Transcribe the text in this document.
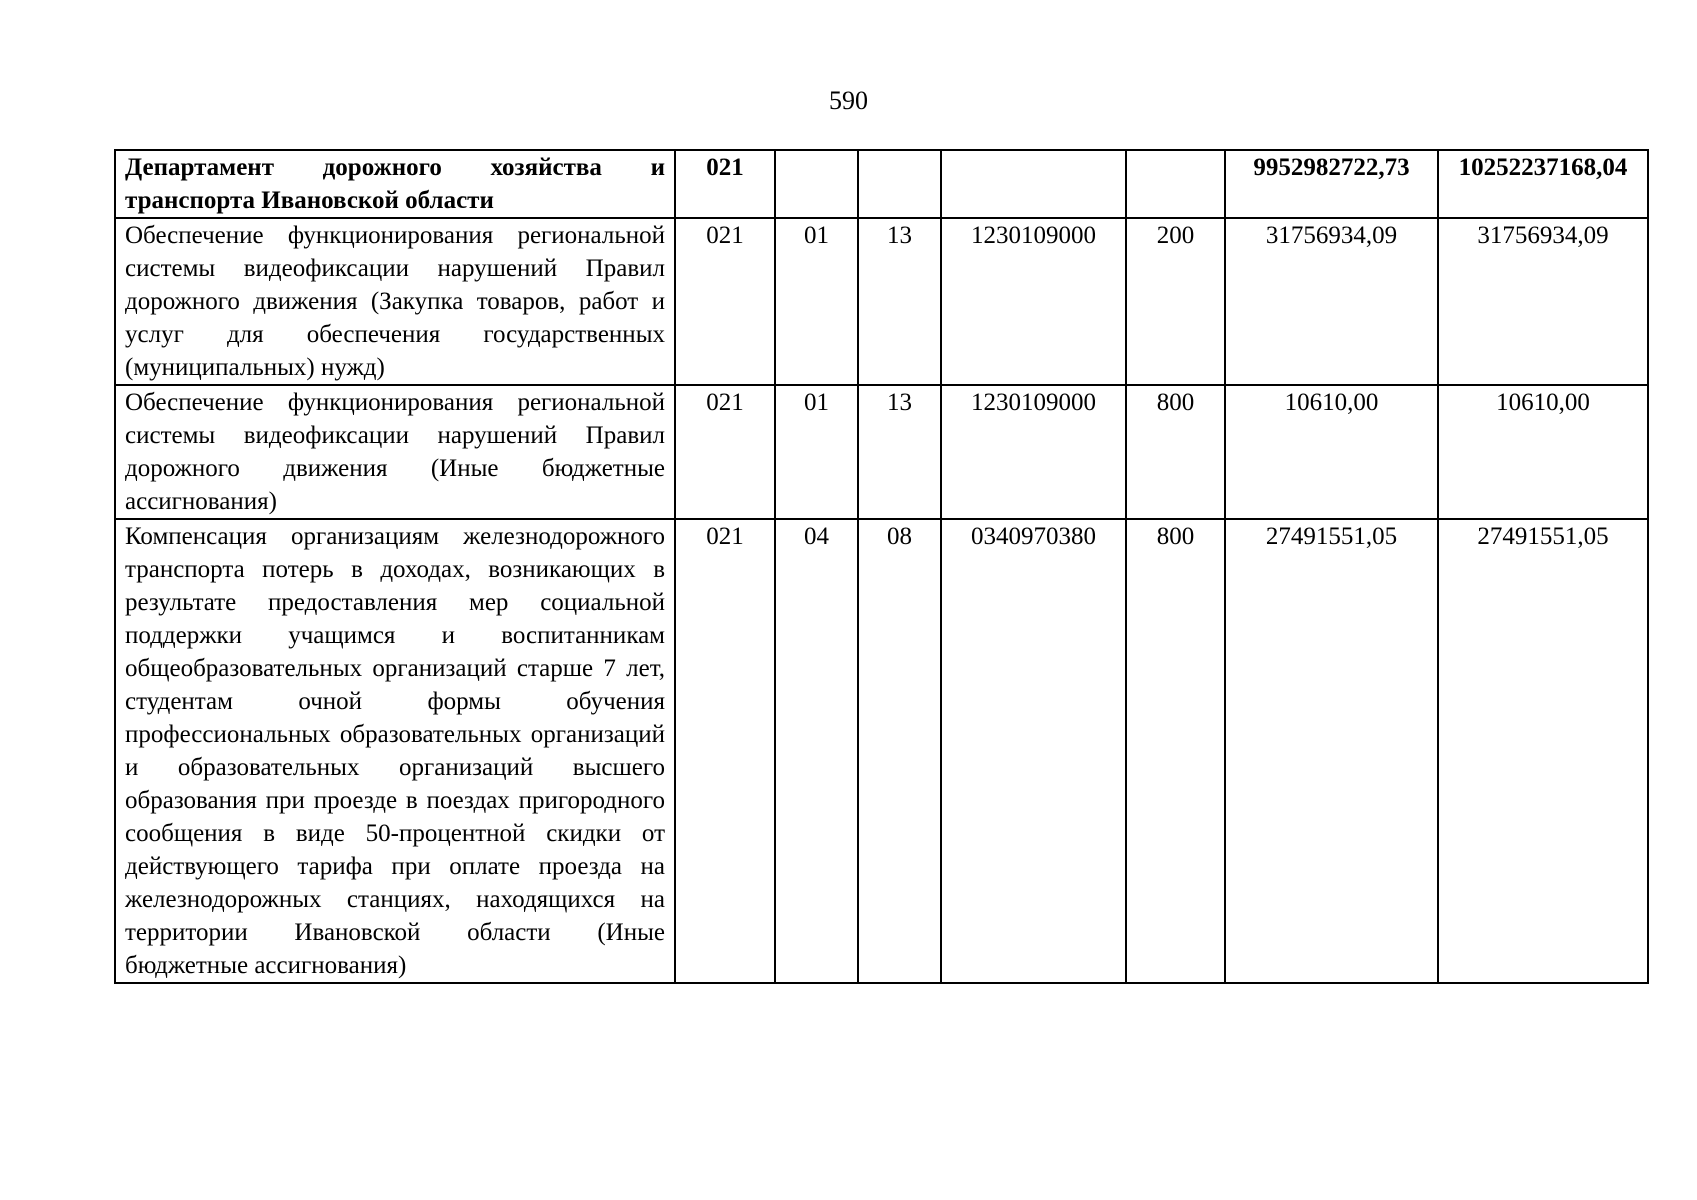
590
Департамент дорожного хозяйства и транспорта Ивановской области	021					9952982722,73	10252237168,04
Обеспечение функционирования региональной системы видеофиксации нарушений Правил дорожного движения (Закупка товаров, работ и услуг для обеспечения государственных (муниципальных) нужд)	021	01	13	1230109000	200	31756934,09	31756934,09
Обеспечение функционирования региональной системы видеофиксации нарушений Правил дорожного движения (Иные бюджетные ассигнования)	021	01	13	1230109000	800	10610,00	10610,00
Компенсация организациям железнодорожного транспорта потерь в доходах, возникающих в результате предоставления мер социальной поддержки учащимся и воспитанникам общеобразовательных организаций старше 7 лет, студентам очной формы обучения профессиональных образовательных организаций и образовательных организаций высшего образования при проезде в поездах пригородного сообщения в виде 50-процентной скидки от действующего тарифа при оплате проезда на железнодорожных станциях, находящихся на территории Ивановской области (Иные бюджетные ассигнования)	021	04	08	0340970380	800	27491551,05	27491551,05
